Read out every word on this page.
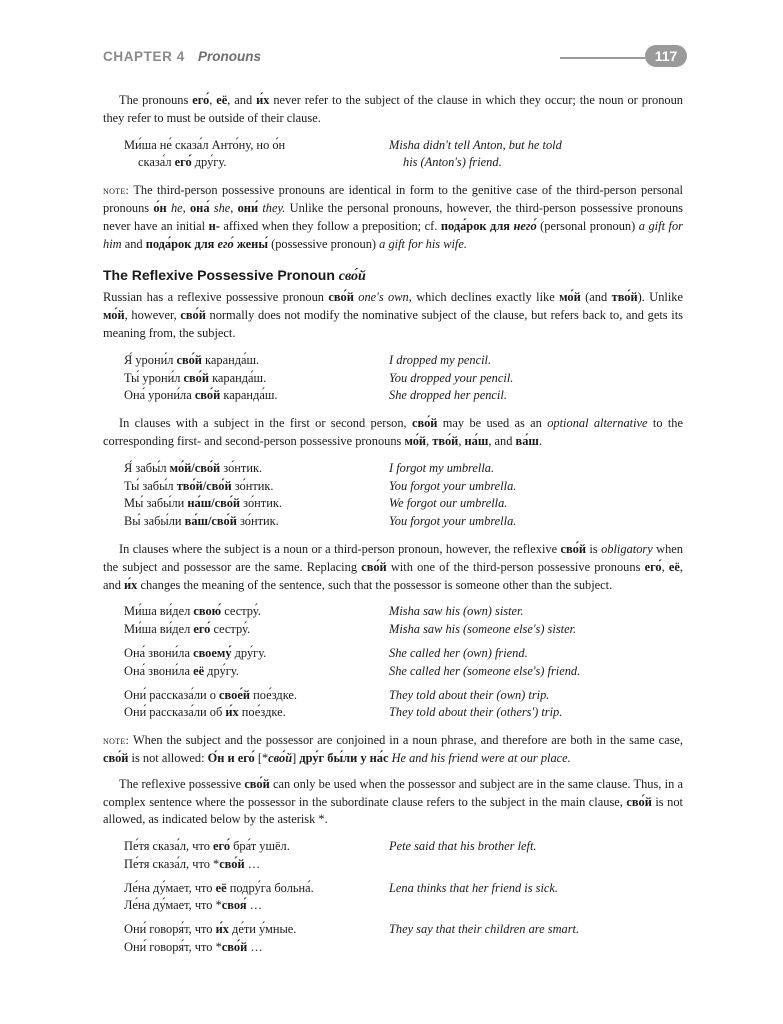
CHAPTER 4 Pronouns	117

The pronouns его́, её, and и́х never refer to the subject of the clause in which they occur; the noun or pronoun they refer to must be outside of their clause.

Ми́ша не́ сказа́л Анто́ну, но о́н	Misha didn't tell Anton, but he told
сказа́л его́ дру́гу.	his (Anton's) friend.

note: The third-person possessive pronouns are identical in form to the genitive case of the third-person personal pronouns о́н he, она́ she, они́ they. Unlike the personal pronouns, however, the third-person possessive pronouns never have an initial н- affixed when they follow a preposition; cf. пода́рок для него́ (personal pronoun) a gift for him and пода́рок для его́ жены́ (possessive pronoun) a gift for his wife.

The Reflexive Possessive Pronoun сво́й

Russian has a reflexive possessive pronoun сво́й one's own, which declines exactly like мо́й (and тво́й). Unlike мо́й, however, сво́й normally does not modify the nominative subject of the clause, but refers back to, and gets its meaning from, the subject.

Я́ урони́л сво́й каранда́ш.	I dropped my pencil.
Ты́ урони́л сво́й каранда́ш.	You dropped your pencil.
Она́ урони́ла сво́й каранда́ш.	She dropped her pencil.

In clauses with a subject in the first or second person, сво́й may be used as an optional alternative to the corresponding first- and second-person possessive pronouns мо́й, тво́й, на́ш, and ва́ш.

Я́ забы́л мо́й/сво́й зо́нтик.	I forgot my umbrella.
Ты́ забы́л тво́й/сво́й зо́нтик.	You forgot your umbrella.
Мы́ забы́ли на́ш/сво́й зо́нтик.	We forgot our umbrella.
Вы́ забы́ли ва́ш/сво́й зо́нтик.	You forgot your umbrella.

In clauses where the subject is a noun or a third-person pronoun, however, the reflexive сво́й is obligatory when the subject and possessor are the same. Replacing сво́й with one of the third-person possessive pronouns его́, её, and и́х changes the meaning of the sentence, such that the possessor is someone other than the subject.

Ми́ша ви́дел свою́ сестру́.	Misha saw his (own) sister.
Ми́ша ви́дел его́ сестру́.	Misha saw his (someone else's) sister.
Она́ звони́ла своему́ дру́гу.	She called her (own) friend.
Она́ звони́ла её дру́гу.	She called her (someone else's) friend.
Они́ рассказа́ли о свое́й пое́здке.	They told about their (own) trip.
Они́ рассказа́ли об и́х пое́здке.	They told about their (others') trip.

note: When the subject and the possessor are conjoined in a noun phrase, and therefore are both in the same case, сво́й is not allowed: О́н и его́ [*сво́й] дру́г бы́ли у на́с He and his friend were at our place.

The reflexive possessive сво́й can only be used when the possessor and subject are in the same clause. Thus, in a complex sentence where the possessor in the subordinate clause refers to the subject in the main clause, сво́й is not allowed, as indicated below by the asterisk *.

Пе́тя сказа́л, что его́ бра́т ушёл.	Pete said that his brother left.
Пе́тя сказа́л, что *сво́й …
Ле́на ду́мает, что её подру́га больна́.	Lena thinks that her friend is sick.
Ле́на ду́мает, что *своя́ …
Они́ говоря́т, что и́х де́ти у́мные.	They say that their children are smart.
Они́ говоря́т, что *сво́й …
